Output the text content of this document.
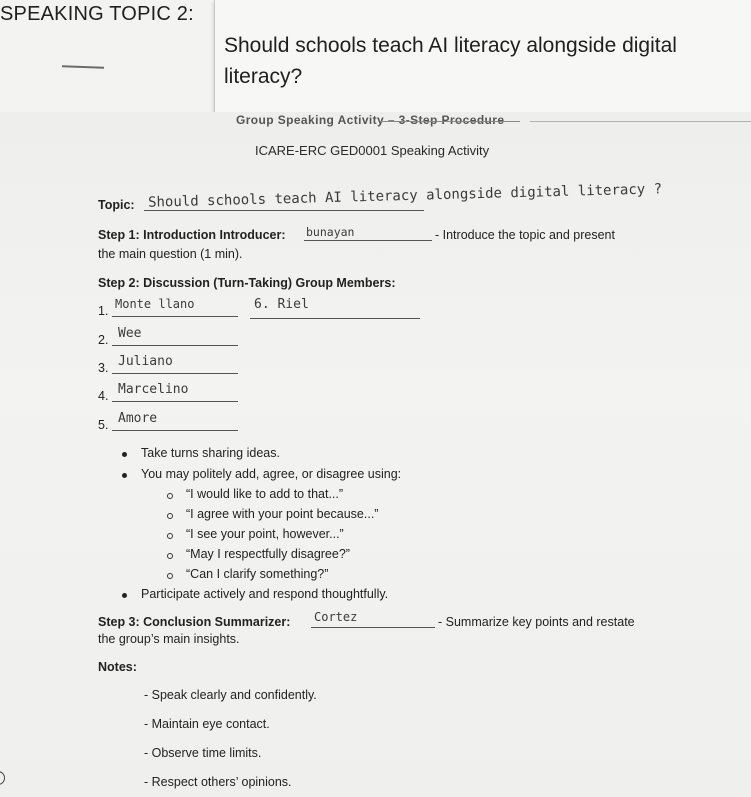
SPEAKING TOPIC 2:
Should schools teach AI literacy alongside digital literacy?
Group Speaking Activity – 3-Step Procedure
ICARE-ERC GED0001 Speaking Activity
Topic: Should schools teach AI literacy alongside digital literacy ?
Step 1: Introduction Introducer: bunayan	- Introduce the topic and present
the main question (1 min).
Step 2: Discussion (Turn-Taking) Group Members:
1. Monte llano	6. Riel
2. Wee
3. Juliano
4. Marcelino
5. Amore
Take turns sharing ideas.
You may politely add, agree, or disagree using:
“I would like to add to that...”
“I agree with your point because...”
“I see your point, however...”
“May I respectfully disagree?”
“Can I clarify something?”
Participate actively and respond thoughtfully.
Step 3: Conclusion Summarizer: Cortez	- Summarize key points and restate
the group’s main insights.
Notes:
- Speak clearly and confidently.
- Maintain eye contact.
- Observe time limits.
- Respect others’ opinions.
